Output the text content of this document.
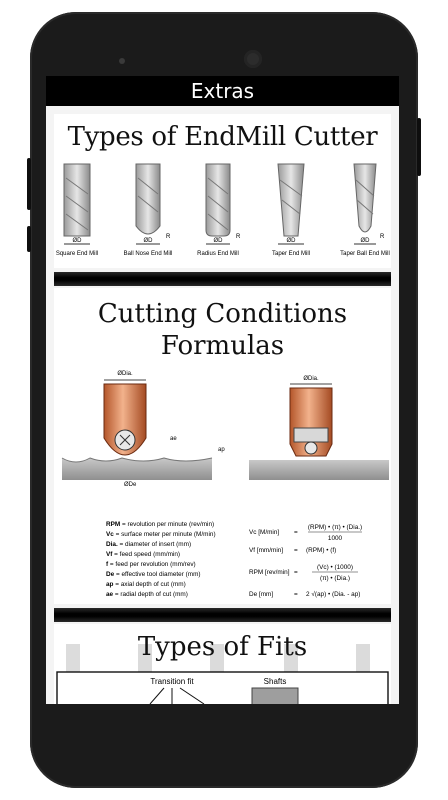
Extras
Types of EndMill Cutter
ØD	ØD	ØD	ØD	ØD
R	R	R
Square End Mill	Ball Nose End Mill	Radius End Mill	Taper End Mill	Taper Ball End Mill
Cutting Conditions
Formulas
ØDia.
ae
ap
ØDe
ØDia.
RPM = revolution per minute (rev/min)
Vc = surface meter per minute (M/min)
Dia. = diameter of insert (mm)
Vf = feed speed (mm/min)
f = feed per revolution (mm/rev)
De = effective tool diameter (mm)
ap = axial depth of cut (mm)
ae = radial depth of cut (mm)
Vc [M/min] =
(RPM) • (π) • (Dia.)
1000
Vf [mm/min] = (RPM) • (f)
RPM [rev/min] =
(Vc) • (1000)
(π) • (Dia.)
De [mm]	= 2 √(ap) • (Dia. - ap)
Transition fit	Shafts
Types of Fits
